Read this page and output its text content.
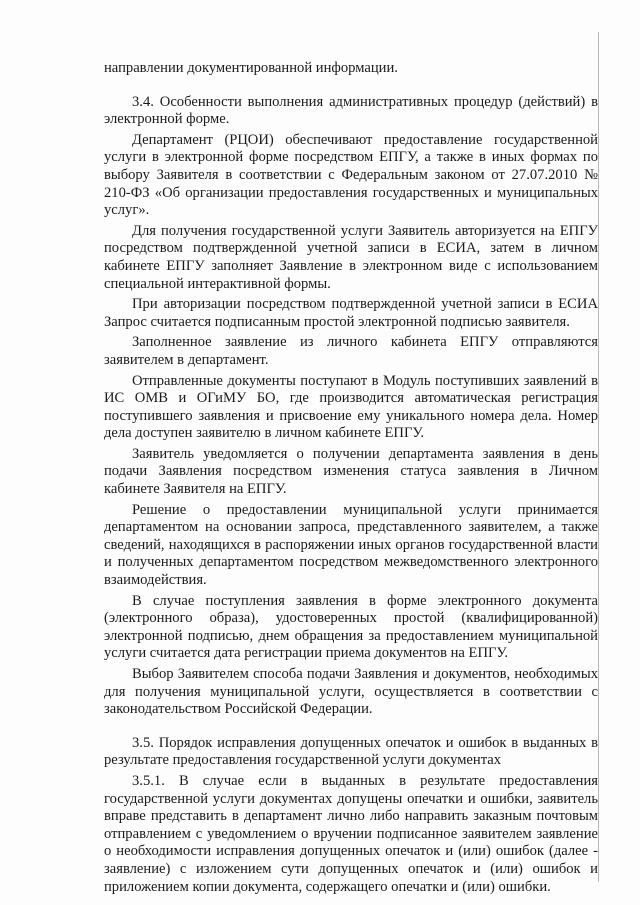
направлении документированной информации.

3.4. Особенности выполнения административных процедур (действий) в электронной форме.

Департамент (РЦОИ) обеспечивают предоставление государственной услуги в электронной форме посредством ЕПГУ, а также в иных формах по выбору Заявителя в соответствии с Федеральным законом от 27.07.2010 № 210-ФЗ «Об организации предоставления государственных и муниципальных услуг».

Для получения государственной услуги Заявитель авторизуется на ЕПГУ посредством подтвержденной учетной записи в ЕСИА, затем в личном кабинете ЕПГУ заполняет Заявление в электронном виде с использованием специальной интерактивной формы.

При авторизации посредством подтвержденной учетной записи в ЕСИА Запрос считается подписанным простой электронной подписью заявителя.

Заполненное заявление из личного кабинета ЕПГУ отправляются заявителем в департамент.

Отправленные документы поступают в Модуль поступивших заявлений в ИС ОМВ и ОГиМУ БО, где производится автоматическая регистрация поступившего заявления и присвоение ему уникального номера дела. Номер дела доступен заявителю в личном кабинете ЕПГУ.

Заявитель уведомляется о получении департамента заявления в день подачи Заявления посредством изменения статуса заявления в Личном кабинете Заявителя на ЕПГУ.

Решение о предоставлении муниципальной услуги принимается департаментом на основании запроса, представленного заявителем, а также сведений, находящихся в распоряжении иных органов государственной власти и полученных департаментом посредством межведомственного электронного взаимодействия.

В случае поступления заявления в форме электронного документа (электронного образа), удостоверенных простой (квалифицированной) электронной подписью, днем обращения за предоставлением муниципальной услуги считается дата регистрации приема документов на ЕПГУ.

Выбор Заявителем способа подачи Заявления и документов, необходимых для получения муниципальной услуги, осуществляется в соответствии с законодательством Российской Федерации.

3.5. Порядок исправления допущенных опечаток и ошибок в выданных в результате предоставления государственной услуги документах

3.5.1. В случае если в выданных в результате предоставления государственной услуги документах допущены опечатки и ошибки, заявитель вправе представить в департамент лично либо направить заказным почтовым отправлением с уведомлением о вручении подписанное заявителем заявление о необходимости исправления допущенных опечаток и (или) ошибок (далее - заявление) с изложением сути допущенных опечаток и (или) ошибок и приложением копии документа, содержащего опечатки и (или) ошибки.
